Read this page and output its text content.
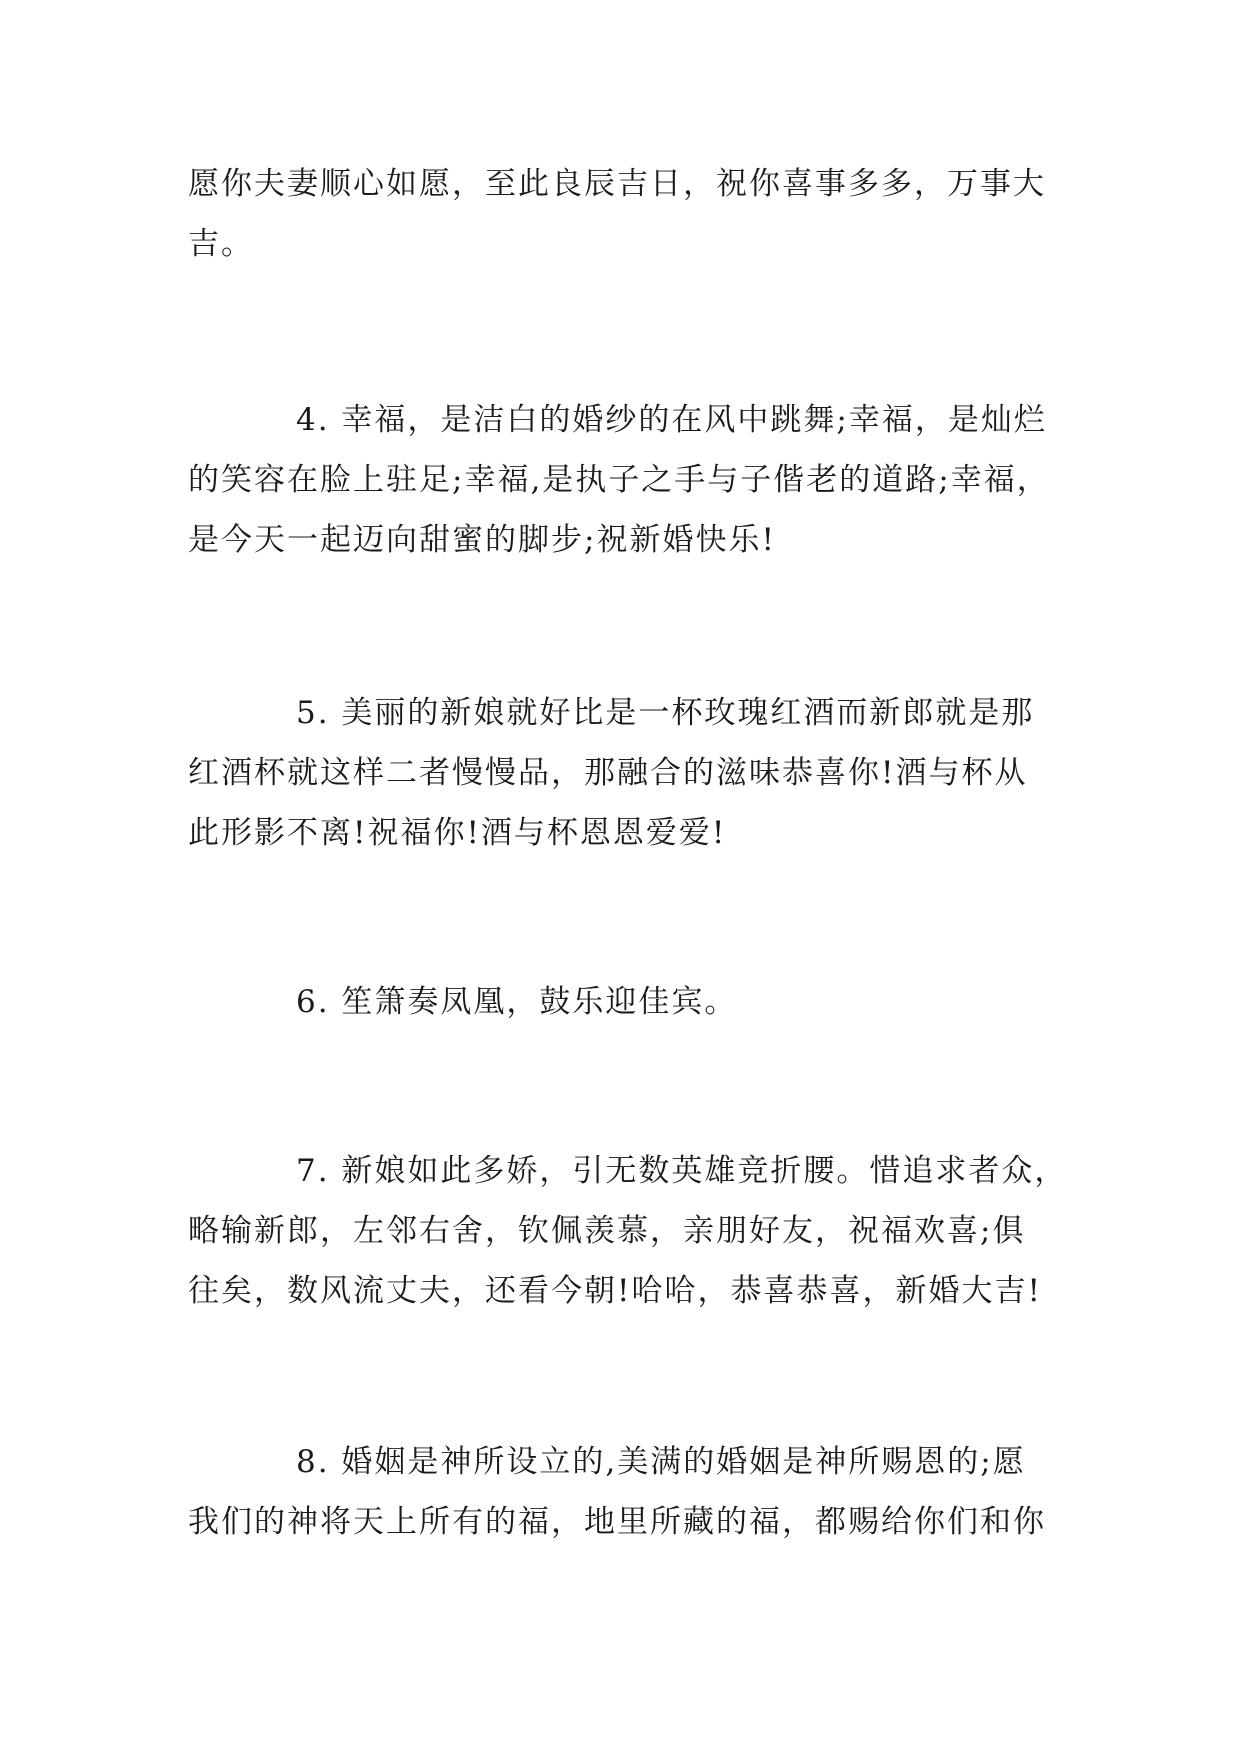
愿你夫妻顺心如愿，至此良辰吉日，祝你喜事多多，万事大
吉。

4. 幸福，是洁白的婚纱的在风中跳舞;幸福，是灿烂
的笑容在脸上驻足;幸福,是执子之手与子偕老的道路;幸福，
是今天一起迈向甜蜜的脚步;祝新婚快乐!

5. 美丽的新娘就好比是一杯玫瑰红酒而新郎就是那
红酒杯就这样二者慢慢品，那融合的滋味恭喜你!酒与杯从
此形影不离!祝福你!酒与杯恩恩爱爱!

6. 笙箫奏凤凰，鼓乐迎佳宾。

7. 新娘如此多娇，引无数英雄竞折腰。惜追求者众，
略输新郎，左邻右舍，钦佩羡慕，亲朋好友，祝福欢喜;俱
往矣，数风流丈夫，还看今朝!哈哈，恭喜恭喜，新婚大吉!

8. 婚姻是神所设立的,美满的婚姻是神所赐恩的;愿
我们的神将天上所有的福，地里所藏的福，都赐给你们和你
